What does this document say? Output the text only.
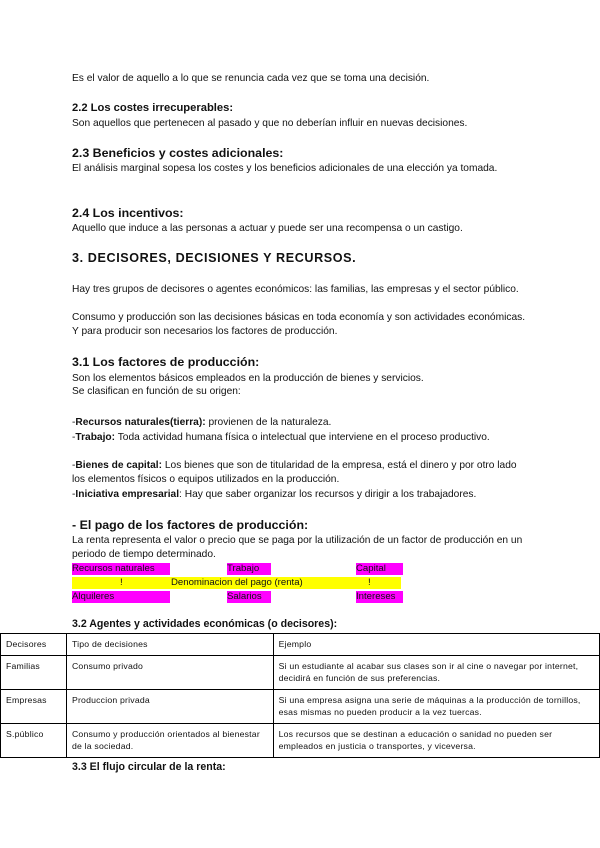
Es el valor de aquello a lo que se renuncia cada vez que se toma una decisión.

2.2 Los costes irrecuperables:

Son aquellos que pertenecen al pasado y que no deberían influir en nuevas decisiones.

2.3 Beneficios y costes adicionales:

El análisis marginal sopesa los costes y los beneficios adicionales de una elección ya tomada.

2.4 Los incentivos:

Aquello que induce a las personas a actuar y puede ser una recompensa o un castigo.

3. DECISORES, DECISIONES Y RECURSOS.

Hay tres grupos de decisores o agentes económicos: las familias, las empresas y el sector público.

Consumo y producción son las decisiones básicas en toda economía y son actividades económicas. Y para producir son necesarios los factores de producción.

3.1 Los factores de producción:

Son los elementos básicos empleados en la producción de bienes y servicios.

Se clasifican en función de su origen:

-Recursos naturales(tierra): provienen de la naturaleza.

-Trabajo: Toda actividad humana física o intelectual que interviene en el proceso productivo.

-Bienes de capital: Los bienes que son de titularidad de la empresa, está el dinero y por otro lado los elementos físicos o equipos utilizados en la producción.

-Iniciativa empresarial: Hay que saber organizar los recursos y dirigir a los trabajadores.

- El pago de los factores de producción:

La renta representa el valor o precio que se paga por la utilización de un factor de producción en un periodo de tiempo determinado.

Recursos naturales	Trabajo	Capital
!	Denominacion del pago (renta)	!
Alquileres	Salarios	Intereses
3.2 Agentes y actividades económicas (o decisores):
Decisores	Tipo de decisiones	Ejemplo
Familias	Consumo privado	Si un estudiante al acabar sus clases son ir al cine o navegar por internet, decidirá en función de sus preferencias.
Empresas	Produccion privada	Si una empresa asigna una serie de máquinas a la producción de tornillos, esas mismas no pueden producir a la vez tuercas.
S.público	Consumo y producción orientados al bienestar de la sociedad.	Los recursos que se destinan a educación o sanidad no pueden ser empleados en justicia o transportes, y viceversa.
3.3 El flujo circular de la renta:
